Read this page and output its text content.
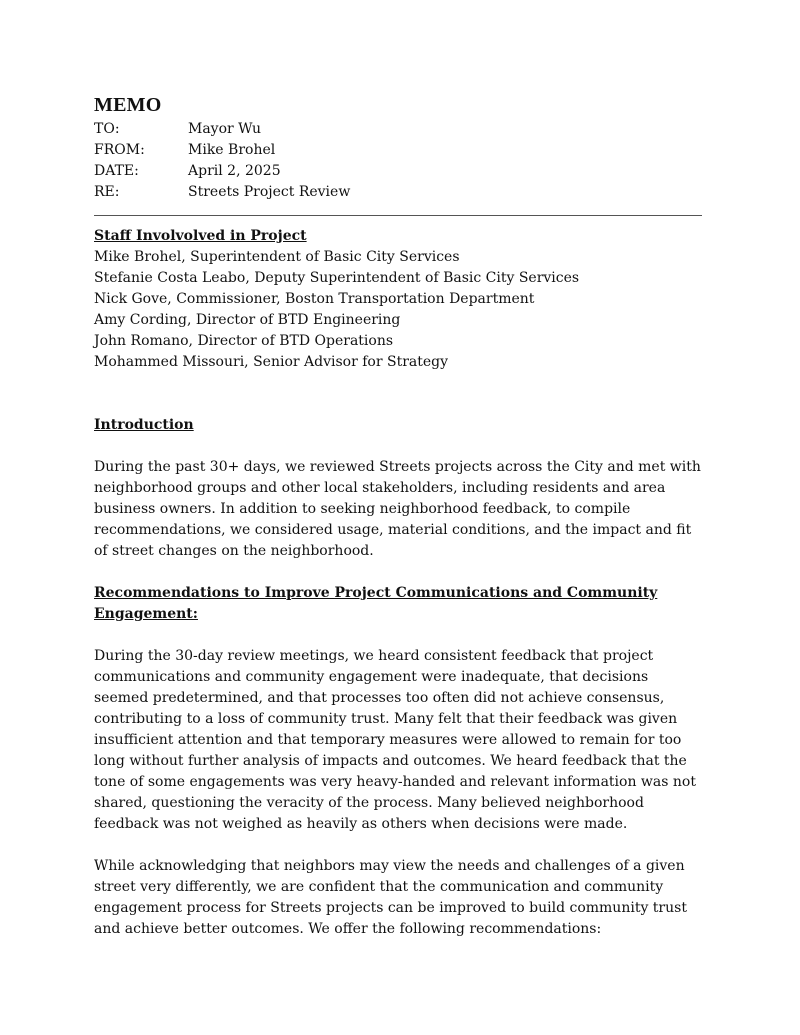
MEMO
TO:	Mayor Wu
FROM:	Mike Brohel
DATE:	April 2, 2025
RE:	Streets Project Review
Staff Involvolved in Project
Mike Brohel, Superintendent of Basic City Services
Stefanie Costa Leabo, Deputy Superintendent of Basic City Services
Nick Gove, Commissioner, Boston Transportation Department
Amy Cording, Director of BTD Engineering
John Romano, Director of BTD Operations
Mohammed Missouri, Senior Advisor for Strategy
Introduction

During the past 30+ days, we reviewed Streets projects across the City and met with neighborhood groups and other local stakeholders, including residents and area business owners. In addition to seeking neighborhood feedback, to compile recommendations, we considered usage, material conditions, and the impact and fit of street changes on the neighborhood.

Recommendations to Improve Project Communications and Community Engagement:

During the 30-day review meetings, we heard consistent feedback that project communications and community engagement were inadequate, that decisions seemed predetermined, and that processes too often did not achieve consensus, contributing to a loss of community trust. Many felt that their feedback was given insufficient attention and that temporary measures were allowed to remain for too long without further analysis of impacts and outcomes. We heard feedback that the tone of some engagements was very heavy-handed and relevant information was not shared, questioning the veracity of the process. Many believed neighborhood feedback was not weighed as heavily as others when decisions were made.

While acknowledging that neighbors may view the needs and challenges of a given street very differently, we are confident that the communication and community engagement process for Streets projects can be improved to build community trust and achieve better outcomes. We offer the following recommendations:
